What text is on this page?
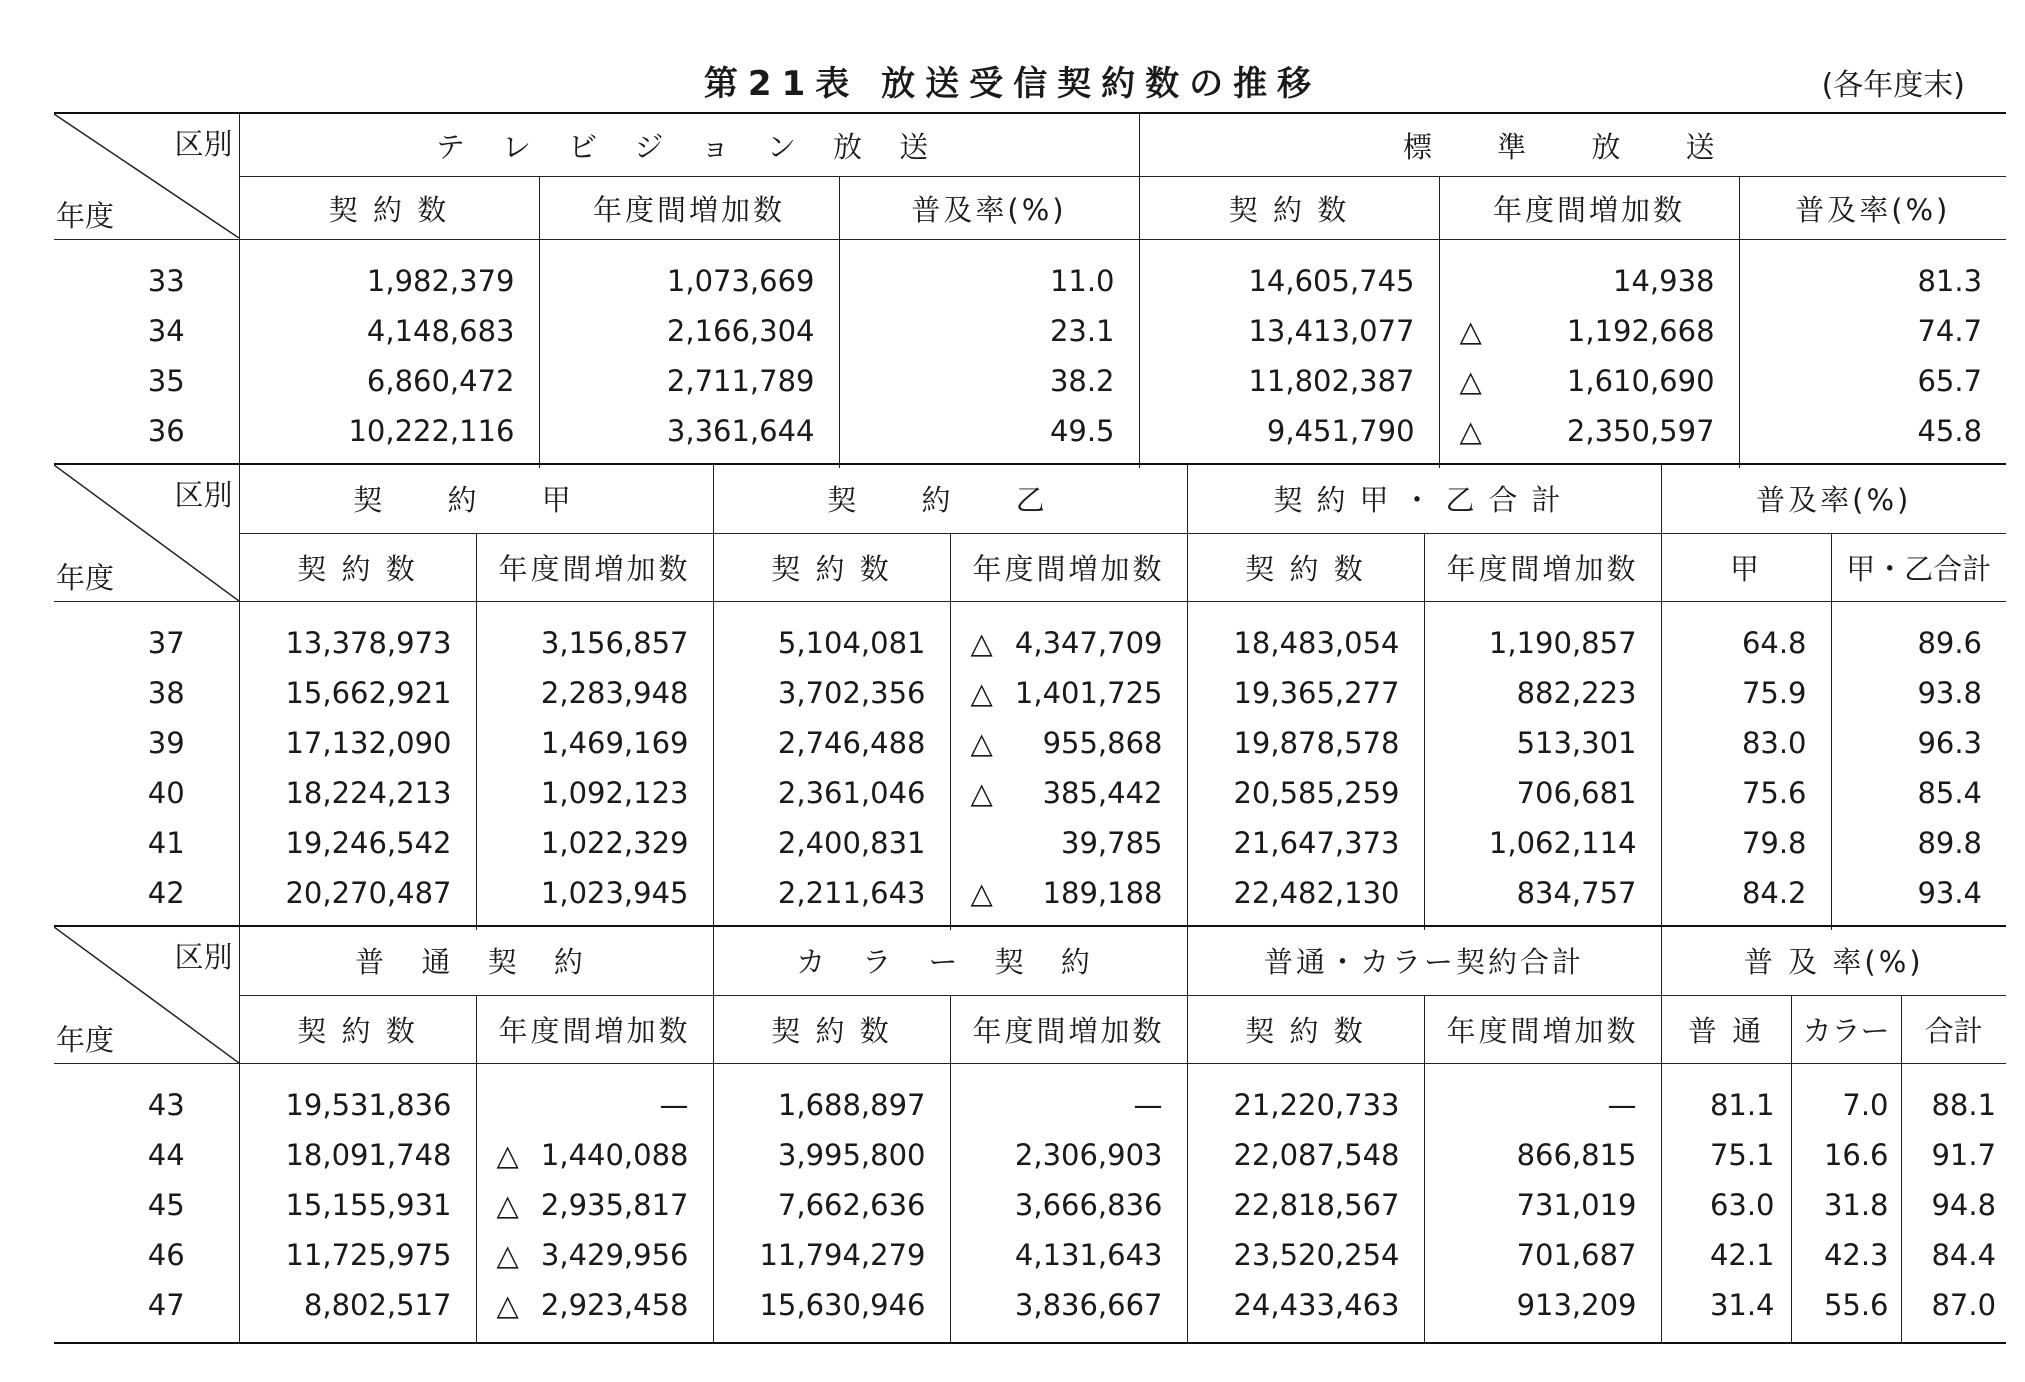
第21表 放送受信契約数の推移	(各年度末)
区別
年度	テ レ ビ ジ ョ ン 放 送			標 準 放 送		
	契 約 数	年度間増加数	普及率(%)	契 約 数	年度間増加数	普及率(%)
33	1,982,379	1,073,669	11.0	14,605,745	14,938	81.3
34	4,148,683	2,166,304	23.1	13,413,077	△ 1,192,668	74.7
35	6,860,472	2,711,789	38.2	11,802,387	△ 1,610,690	65.7
36	10,222,116	3,361,644	49.5	9,451,790	△ 2,350,597	45.8
区別
年度	契 約 甲		契 約 乙		契約甲・乙合計		普及率(%)	
	契 約 数	年度間増加数	契 約 数	年度間増加数	契 約 数	年度間増加数	甲	甲・乙合計
37	13,378,973	3,156,857	5,104,081	△ 4,347,709	18,483,054	1,190,857	64.8	89.6
38	15,662,921	2,283,948	3,702,356	△ 1,401,725	19,365,277	882,223	75.9	93.8
39	17,132,090	1,469,169	2,746,488	△ 955,868	19,878,578	513,301	83.0	96.3
40	18,224,213	1,092,123	2,361,046	△ 385,442	20,585,259	706,681	75.6	85.4
41	19,246,542	1,022,329	2,400,831	39,785	21,647,373	1,062,114	79.8	89.8
42	20,270,487	1,023,945	2,211,643	△ 189,188	22,482,130	834,757	84.2	93.4
区別
年度	普 通 契 約		カ ラ ー 契 約		普通・カラー契約合計		普 及 率(%)		
	契 約 数	年度間増加数	契 約 数	年度間増加数	契 約 数	年度間増加数	普 通	カラー	合計
43	19,531,836	—	1,688,897	—	21,220,733	—	81.1	7.0	88.1
44	18,091,748	△ 1,440,088	3,995,800	2,306,903	22,087,548	866,815	75.1	16.6	91.7
45	15,155,931	△ 2,935,817	7,662,636	3,666,836	22,818,567	731,019	63.0	31.8	94.8
46	11,725,975	△ 3,429,956	11,794,279	4,131,643	23,520,254	701,687	42.1	42.3	84.4
47	8,802,517	△ 2,923,458	15,630,946	3,836,667	24,433,463	913,209	31.4	55.6	87.0
